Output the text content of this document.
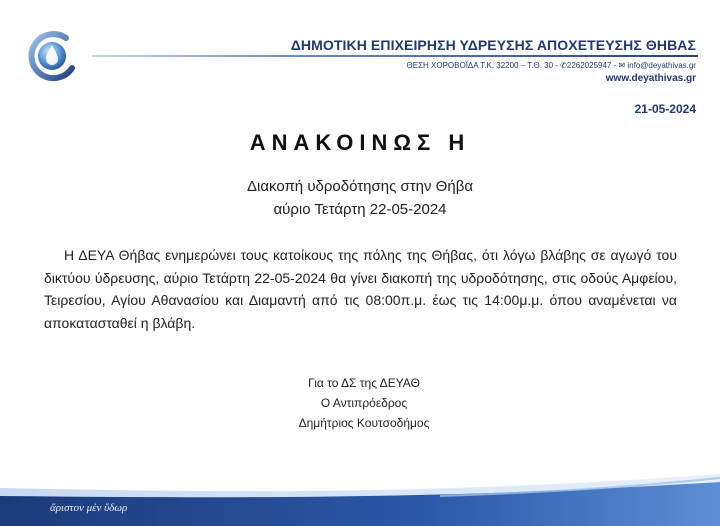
ΔΗΜΟΤΙΚΗ ΕΠΙΧΕΙΡΗΣΗ ΥΔΡΕΥΣΗΣ ΑΠΟΧΕΤΕΥΣΗΣ ΘΗΒΑΣ
ΘΕΣΗ ΧΟΡΟΒΟΪΔΑ Τ.Κ. 32200 – Τ.Θ. 30 - ✆2262025947 - ✉ info@deyathivas.gr
www.deyathivas.gr
21-05-2024
ΑΝΑΚΟΙΝΩΣ Η
Διακοπή υδροδότησης στην Θήβα
αύριο Τετάρτη 22-05-2024
Η ΔΕΥΑ Θήβας ενημερώνει τους κατοίκους της πόλης της Θήβας, ότι λόγω βλάβης σε αγωγό του δικτύου ύδρευσης, αύριο Τετάρτη 22-05-2024 θα γίνει διακοπή της υδροδότησης, στις οδούς Αμφείου, Τειρεσίου, Αγίου Αθανασίου και Διαμαντή από τις 08:00π.μ. έως τις 14:00μ.μ. όπου αναμένεται να αποκατασταθεί η βλάβη.
Για το ΔΣ της ΔΕΥΑΘ
Ο Αντιπρόεδρος
Δημήτριος Κουτσοδήμος
ἄριστον μὲν ὕδωρ
